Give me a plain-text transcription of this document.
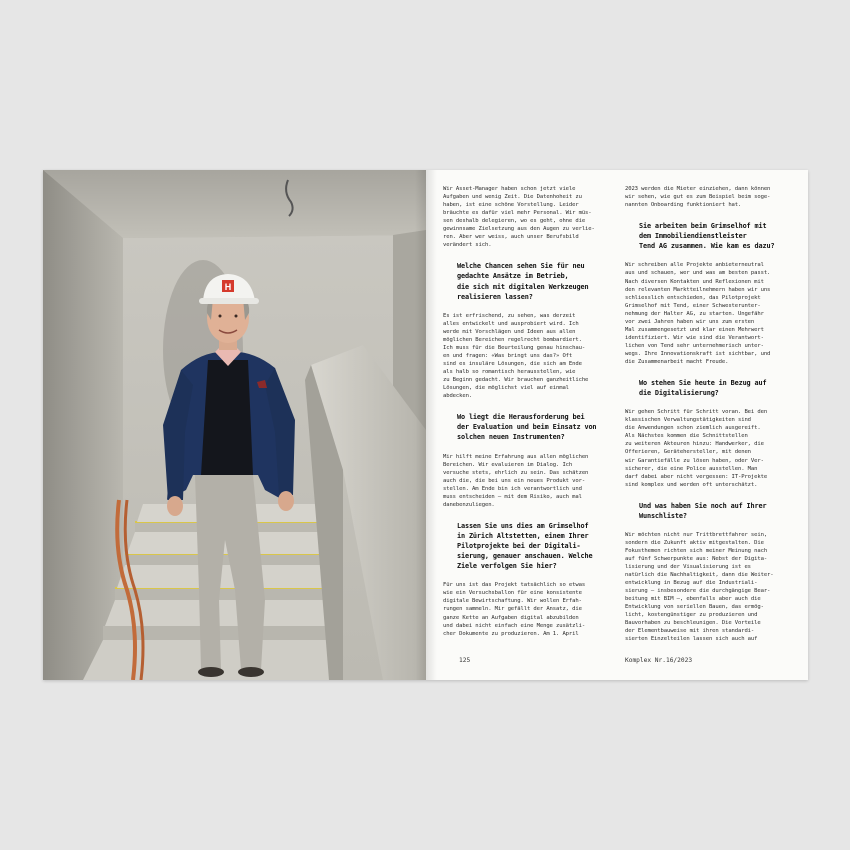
H

Wir Asset-Manager haben schon jetzt viele
Aufgaben und wenig Zeit. Die Datenhoheit zu
haben, ist eine schöne Vorstellung. Leider
bräuchte es dafür viel mehr Personal. Wir müs-
sen deshalb delegieren, wo es geht, ohne die
gewinnsame Zielsetzung aus den Augen zu verlie-
ren. Aber wer weiss, auch unser Berufsbild
verändert sich.

Welche Chancen sehen Sie für neu
gedachte Ansätze im Betrieb,
die sich mit digitalen Werkzeugen
realisieren lassen?

Es ist erfrischend, zu sehen, was derzeit
alles entwickelt und ausprobiert wird. Ich
werde mit Vorschlägen und Ideen aus allen
möglichen Bereichen regelrecht bombardiert.
Ich muss für die Beurteilung genau hinschau-
en und fragen: «Was bringt uns das?» Oft
sind es insuläre Lösungen, die sich am Ende
als halb so romantisch herausstellen, wie
zu Beginn gedacht. Wir brauchen ganzheitliche
Lösungen, die möglichst viel auf einmal
abdecken.

Wo liegt die Herausforderung bei
der Evaluation und beim Einsatz von
solchen neuen Instrumenten?

Mir hilft meine Erfahrung aus allen möglichen
Bereichen. Wir evaluieren im Dialog. Ich
versuche stets, ehrlich zu sein. Das schätzen
auch die, die bei uns ein neues Produkt vor-
stellen. Am Ende bin ich verantwortlich und
muss entscheiden – mit dem Risiko, auch mal
danebenzuliegen.

Lassen Sie uns dies am Grimselhof
in Zürich Altstetten, einem Ihrer
Pilotprojekte bei der Digitali-
sierung, genauer anschauen. Welche
Ziele verfolgen Sie hier?

Für uns ist das Projekt tatsächlich so etwas
wie ein Versuchsballon für eine konsistente
digitale Bewirtschaftung. Wir wollen Erfah-
rungen sammeln. Mir gefällt der Ansatz, die
ganze Kette an Aufgaben digital abzubilden
und dabei nicht einfach eine Menge zusätzli-
cher Dokumente zu produzieren. Am 1. April

2023 werden die Mieter einziehen, dann können
wir sehen, wie gut es zum Beispiel beim soge-
nannten Onboarding funktioniert hat.

Sie arbeiten beim Grimselhof mit
dem Immobiliendienstleister
Tend AG zusammen. Wie kam es dazu?

Wir schreiben alle Projekte anbieterneutral
aus und schauen, wer und was am besten passt.
Nach diversen Kontakten und Reflexionen mit
den relevanten Marktteilnehmern haben wir uns
schliesslich entschieden, das Pilotprojekt
Grimselhof mit Tend, einer Schwesterunter-
nehmung der Halter AG, zu starten. Ungefähr
vor zwei Jahren haben wir uns zum ersten
Mal zusammengesetzt und klar einen Mehrwert
identifiziert. Wir wie sind die Verantwort-
lichen von Tend sehr unternehmerisch unter-
wegs. Ihre Innovationskraft ist sichtbar, und
die Zusammenarbeit macht Freude.

Wo stehen Sie heute in Bezug auf
die Digitalisierung?

Wir gehen Schritt für Schritt voran. Bei den
klassischen Verwaltungstätigkeiten sind
die Anwendungen schon ziemlich ausgereift.
Als Nächstes kommen die Schnittstellen
zu weiteren Akteuren hinzu: Handwerker, die
Offerieren, Gerätehersteller, mit denen
wir Garantiefälle zu lösen haben, oder Ver-
sicherer, die eine Police ausstellen. Man
darf dabei aber nicht vergessen: IT-Projekte
sind komplex und werden oft unterschätzt.

Und was haben Sie noch auf Ihrer
Wunschliste?

Wir möchten nicht nur Trittbrettfahrer sein,
sondern die Zukunft aktiv mitgestalten. Die
Fokusthemen richten sich meiner Meinung nach
auf fünf Schwerpunkte aus: Nebst der Digita-
lisierung und der Visualisierung ist es
natürlich die Nachhaltigkeit, dann die Weiter-
entwicklung in Bezug auf die Industriali-
sierung – insbesondere die durchgängige Bear-
beitung mit BIM –, ebenfalls aber auch die
Entwicklung von seriellen Bauen, das ermög-
licht, kostengünstiger zu produzieren und
Bauvorhaben zu beschleunigen. Die Vorteile
der Elementbauweise mit ihren standardi-
sierten Einzelteilen lassen sich auch auf

125	Komplex Nr.16/2023
